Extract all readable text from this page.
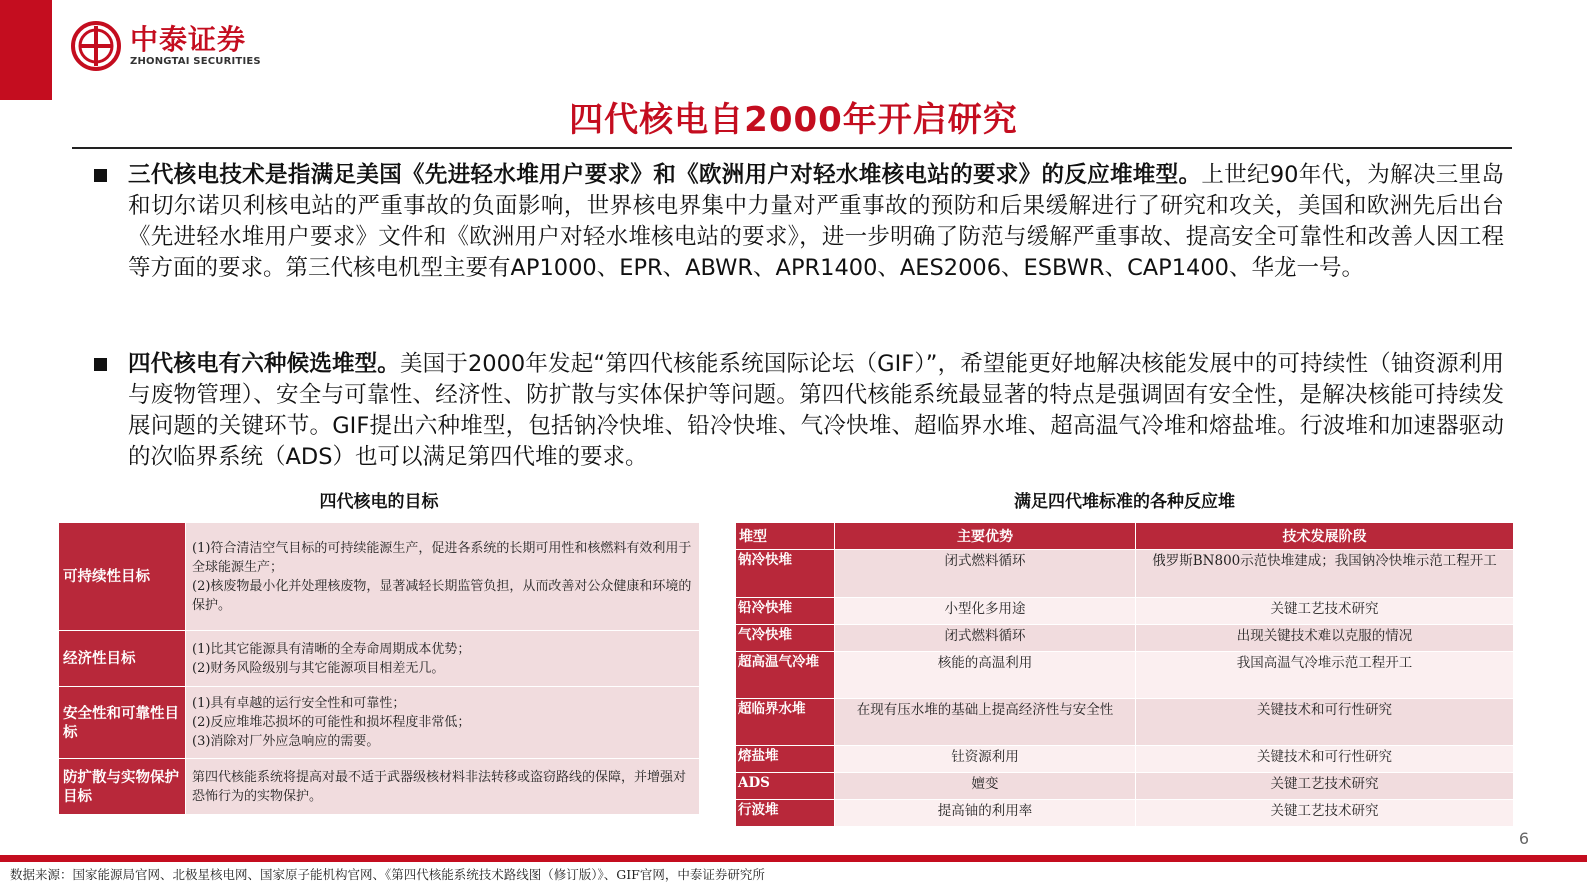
中泰证券
ZHONGTAI SECURITIES
四代核电自2000年开启研究
三代核电技术是指满足美国《先进轻水堆用户要求》和《欧洲用户对轻水堆核电站的要求》的反应堆堆型。上世纪90年代，为解决三里岛和切尔诺贝利核电站的严重事故的负面影响，世界核电界集中力量对严重事故的预防和后果缓解进行了研究和攻关，美国和欧洲先后出台《先进轻水堆用户要求》文件和《欧洲用户对轻水堆核电站的要求》，进一步明确了防范与缓解严重事故、提高安全可靠性和改善人因工程等方面的要求。第三代核电机型主要有AP1000、EPR、ABWR、APR1400、AES2006、ESBWR、CAP1400、华龙一号。
四代核电有六种候选堆型。美国于2000年发起“第四代核能系统国际论坛（GIF）”，希望能更好地解决核能发展中的可持续性（铀资源利用与废物管理）、安全与可靠性、经济性、防扩散与实体保护等问题。第四代核能系统最显著的特点是强调固有安全性，是解决核能可持续发展问题的关键环节。GIF提出六种堆型，包括钠冷快堆、铅冷快堆、气冷快堆、超临界水堆、超高温气冷堆和熔盐堆。行波堆和加速器驱动的次临界系统（ADS）也可以满足第四代堆的要求。
四代核电的目标	满足四代堆标准的各种反应堆
可持续性目标	(1)符合清洁空气目标的可持续能源生产，促进各系统的长期可用性和核燃料有效利用于全球能源生产；
(2)核废物最小化并处理核废物，显著减轻长期监管负担，从而改善对公众健康和环境的保护。

经济性目标	(1)比其它能源具有清晰的全寿命周期成本优势；
(2)财务风险级别与其它能源项目相差无几。

安全性和可靠性目标	(1)具有卓越的运行安全性和可靠性；
(2)反应堆堆芯损坏的可能性和损坏程度非常低；
(3)消除对厂外应急响应的需要。

防扩散与实物保护目标	第四代核能系统将提高对最不适于武器级核材料非法转移或盗窃路线的保障，并增强对恐怖行为的实物保护。
堆型	主要优势	技术发展阶段
钠冷快堆	闭式燃料循环	俄罗斯BN800示范快堆建成；我国钠冷快堆示范工程开工
铅冷快堆	小型化多用途	关键工艺技术研究
气冷快堆	闭式燃料循环	出现关键技术难以克服的情况
超高温气冷堆	核能的高温利用	我国高温气冷堆示范工程开工
超临界水堆	在现有压水堆的基础上提高经济性与安全性	关键技术和可行性研究
熔盐堆	钍资源利用	关键技术和可行性研究
ADS	嬗变	关键工艺技术研究
行波堆	提高铀的利用率	关键工艺技术研究
6
数据来源：国家能源局官网、北极星核电网、国家原子能机构官网、《第四代核能系统技术路线图（修订版）》、GIF官网，中泰证券研究所
